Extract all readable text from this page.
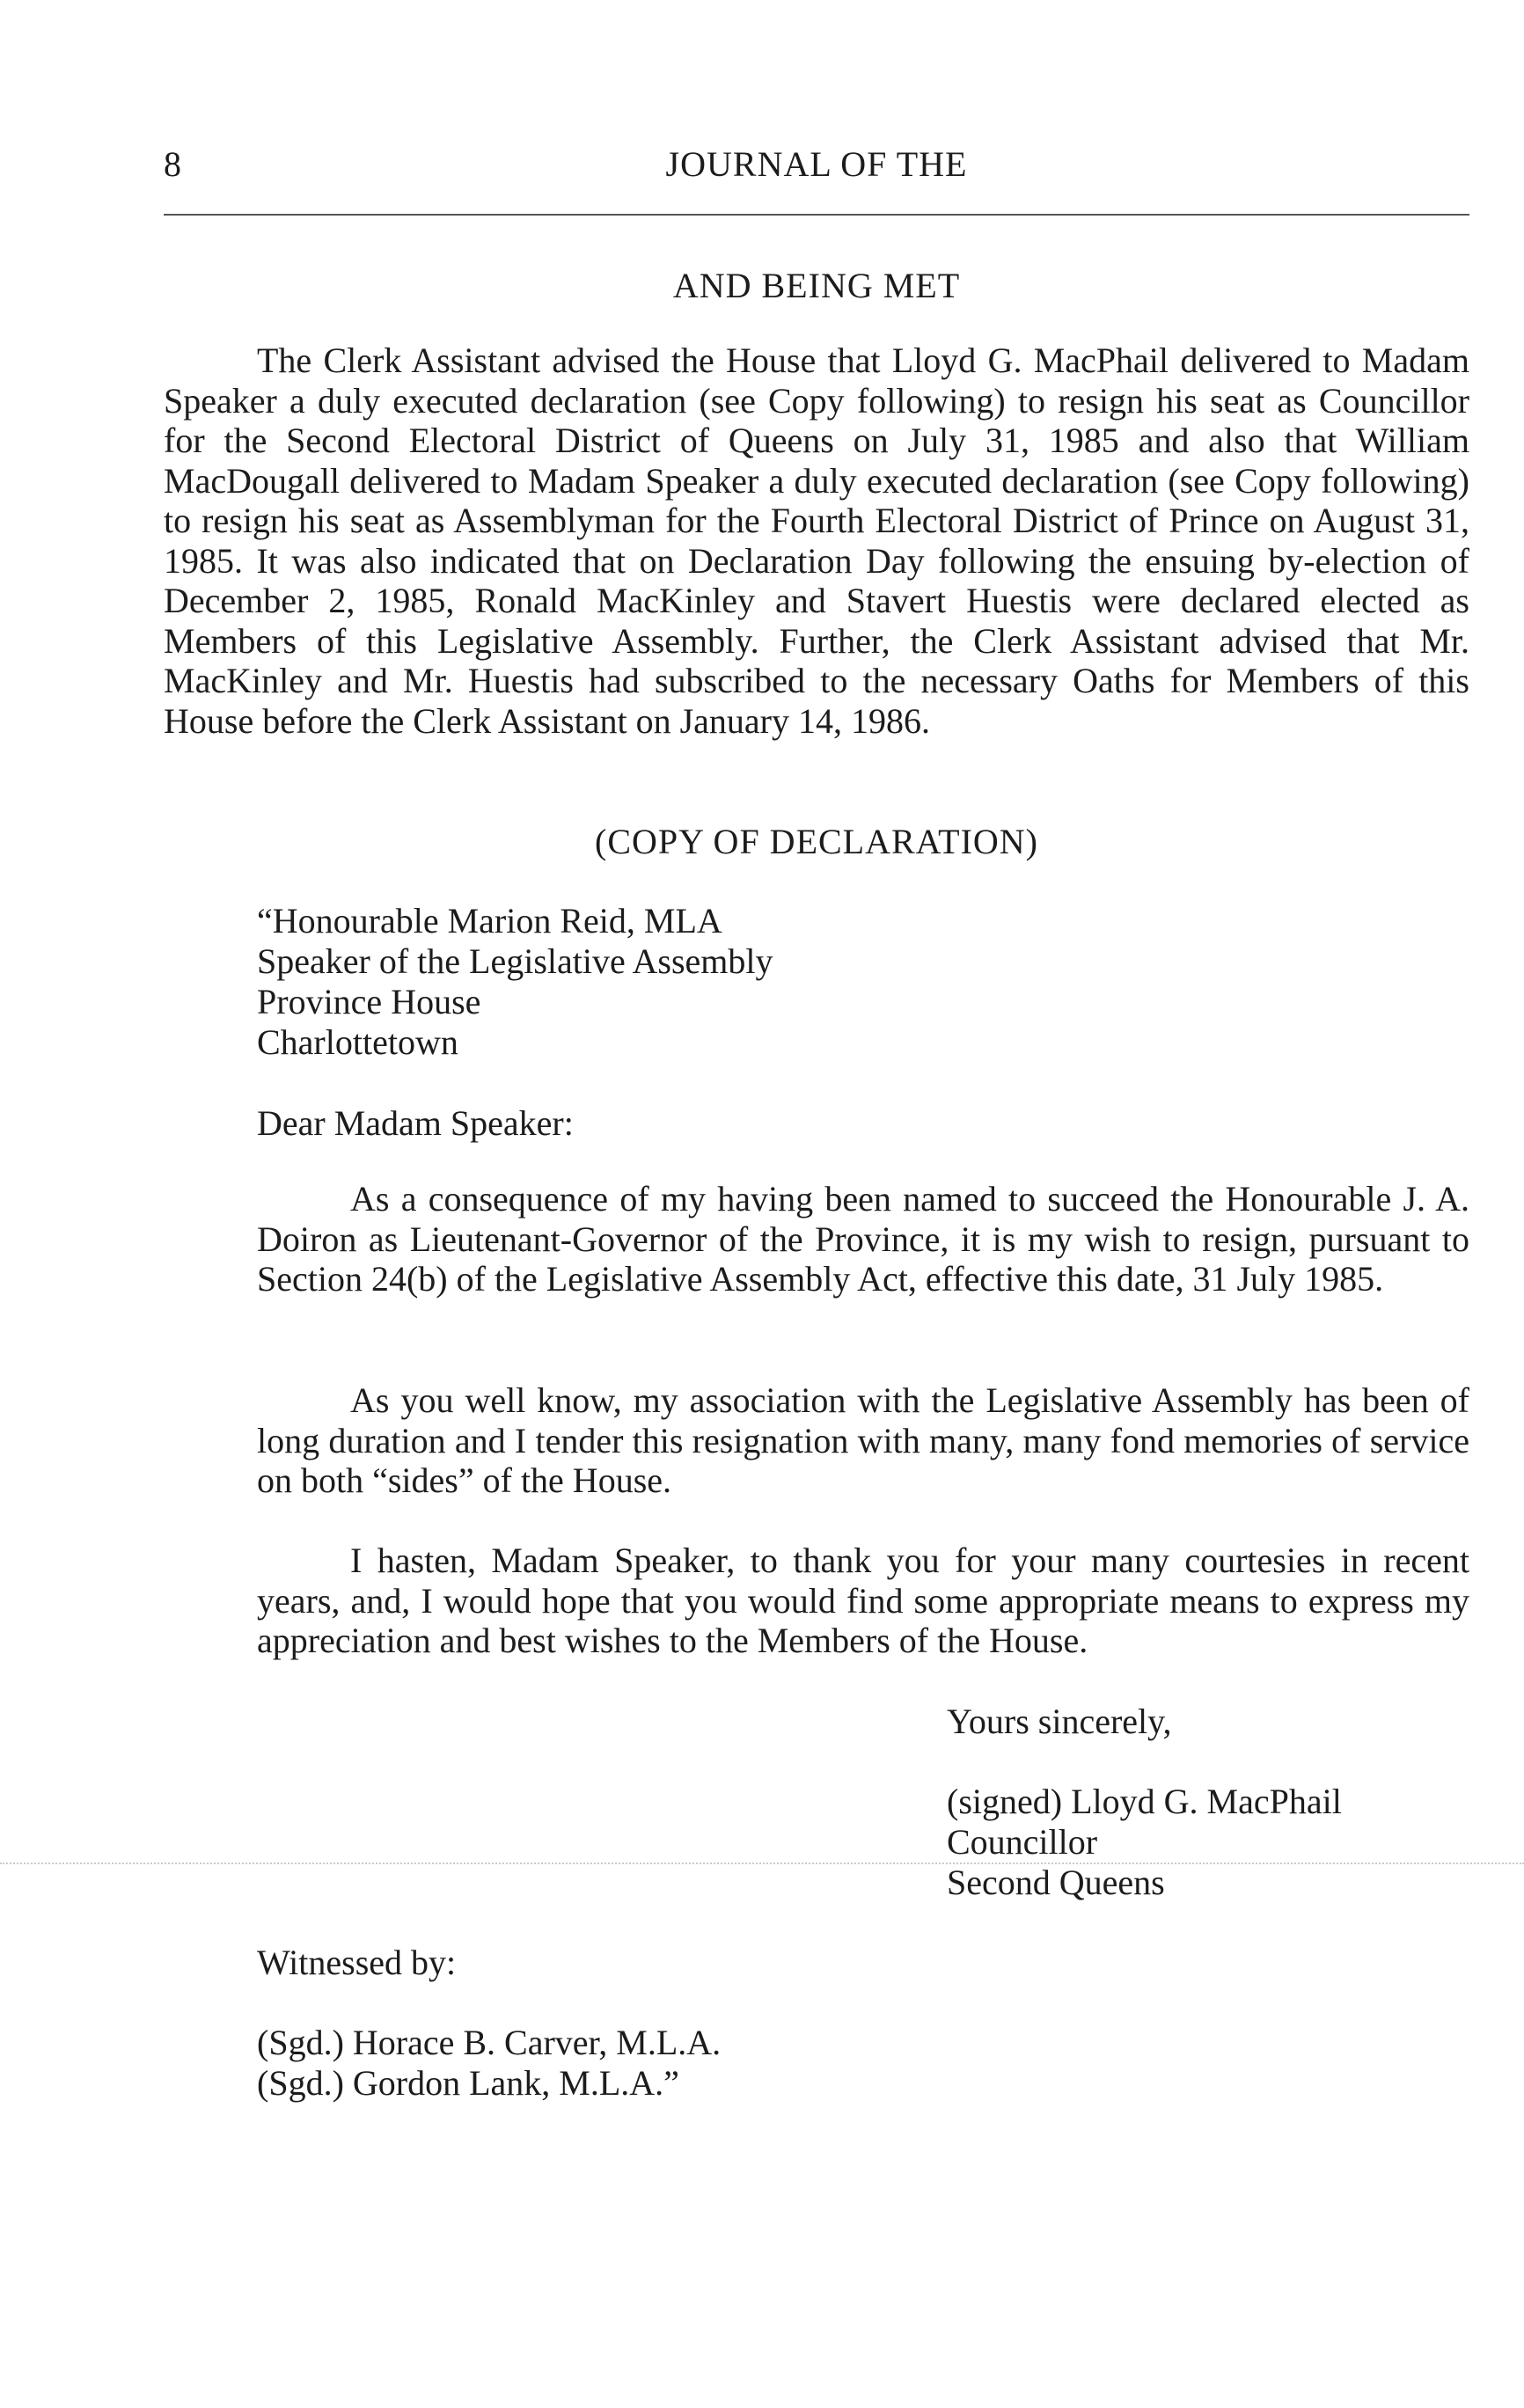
8	JOURNAL OF THE
AND BEING MET

The Clerk Assistant advised the House that Lloyd G. MacPhail delivered to Madam Speaker a duly executed declaration (see Copy following) to resign his seat as Councillor for the Second Electoral District of Queens on July 31, 1985 and also that William MacDougall delivered to Madam Speaker a duly executed declaration (see Copy following) to resign his seat as Assemblyman for the Fourth Electoral District of Prince on August 31, 1985. It was also indicated that on Declaration Day following the ensuing by-election of December 2, 1985, Ronald MacKinley and Stavert Huestis were declared elected as Members of this Legislative Assembly. Further, the Clerk Assistant advised that Mr. MacKinley and Mr. Huestis had subscribed to the necessary Oaths for Members of this House before the Clerk Assistant on January 14, 1986.

(COPY OF DECLARATION)
“Honourable Marion Reid, MLA
Speaker of the Legislative Assembly
Province House
Charlottetown
Dear Madam Speaker:

As a consequence of my having been named to succeed the Honourable J. A. Doiron as Lieutenant-Governor of the Province, it is my wish to resign, pursuant to Section 24(b) of the Legislative Assembly Act, effective this date, 31 July 1985.

As you well know, my association with the Legislative Assembly has been of long duration and I tender this resignation with many, many fond memories of service on both “sides” of the House.

I hasten, Madam Speaker, to thank you for your many courtesies in recent years, and, I would hope that you would find some appropriate means to express my appreciation and best wishes to the Members of the House.

Yours sincerely,
(signed) Lloyd G. MacPhail
Councillor
Second Queens
Witnessed by:
(Sgd.) Horace B. Carver, M.L.A.
(Sgd.) Gordon Lank, M.L.A.”
